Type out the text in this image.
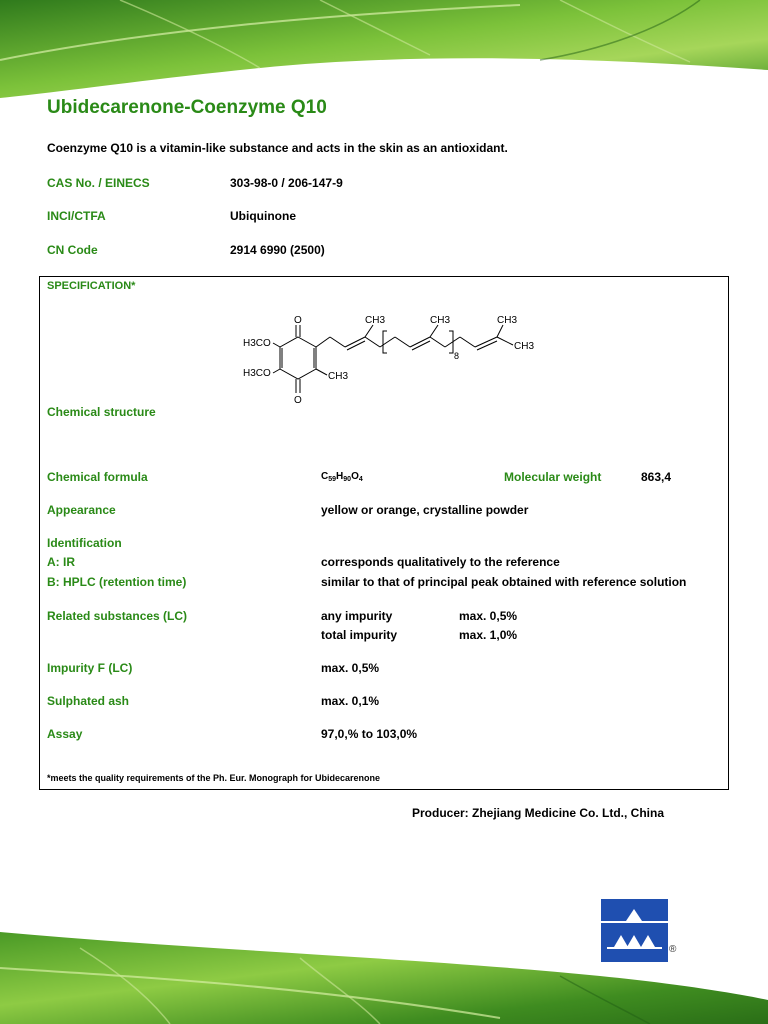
Ubidecarenone-Coenzyme Q10
Coenzyme Q10 is a vitamin-like substance and acts in the skin as an antioxidant.
CAS No. / EINECS	303-98-0 / 206-147-9
INCI/CTFA	Ubiquinone
CN Code	2914 6990 (2500)
SPECIFICATION*
O
O
H3CO
H3CO	CH3
CH3	CH3
8
CH3
CH3
Chemical structure
Chemical formula	$C_{59}H_{90}O_4$	Molecular weight	863,4
Appearance	yellow or orange, crystalline powder
Identification
A: IR	corresponds qualitatively to the reference
B: HPLC (retention time)	similar to that of principal peak obtained with reference solution
Related substances (LC)	any impurity	max. 0,5%
total impurity	max. 1,0%
Impurity F (LC)	max. 0,5%
Sulphated ash	max. 0,1%
Assay	97,0,% to 103,0%
*meets the quality requirements of the Ph. Eur. Monograph for Ubidecarenone
Producer: Zhejiang Medicine Co. Ltd., China
®
